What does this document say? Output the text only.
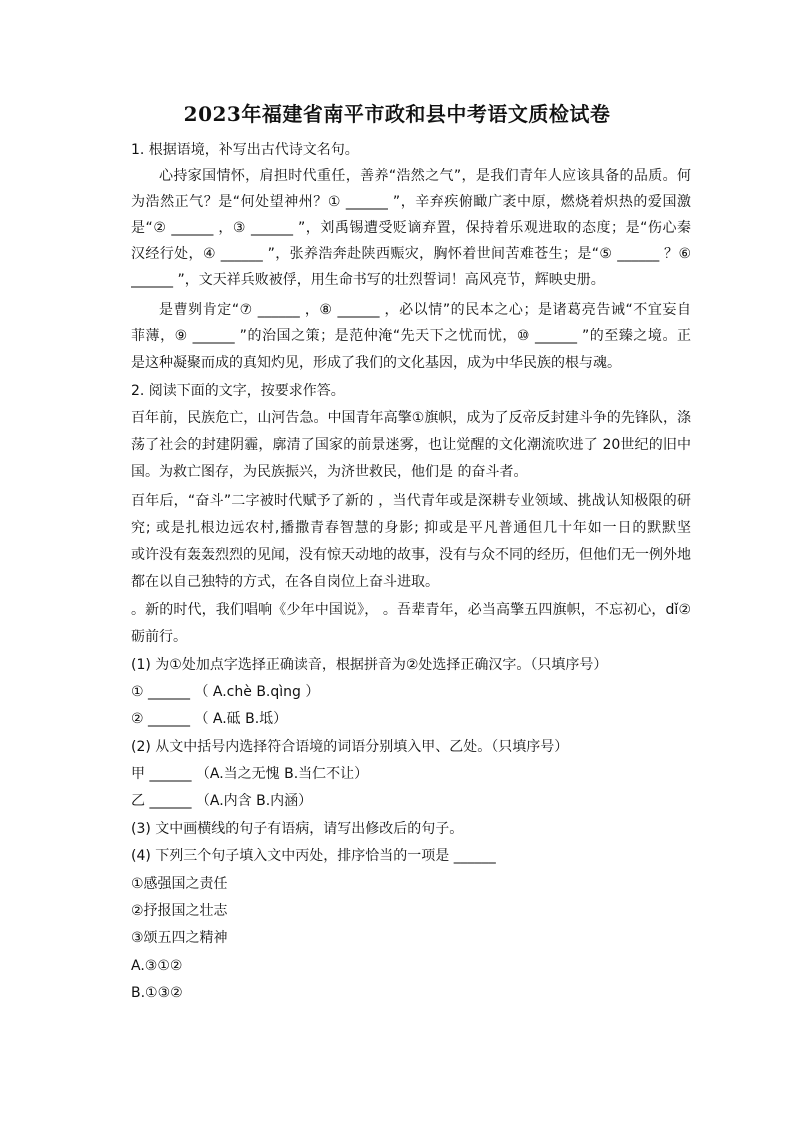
2023年福建省南平市政和县中考语文质检试卷
1. 根据语境，补写出古代诗文名句。
心持家国情怀，肩担时代重任，善养“浩然之气”，是我们青年人应该具备的品质。何
为浩然正气？是“何处望神州？① ______ ”，辛弃疾俯瞰广袤中原，燃烧着炽热的爱国激
是“② ______ ，③ ______ ”，刘禹锡遭受贬谪弃置，保持着乐观进取的态度；是“伤心秦
汉经行处，④ ______ ”，张养浩奔赴陕西赈灾，胸怀着世间苦难苍生；是“⑤ ______ ？⑥
______ ”，文天祥兵败被俘，用生命书写的壮烈誓词！高风亮节，辉映史册。
是曹刿肯定“⑦ ______ ，⑧ ______ ，必以情”的民本之心；是诸葛亮告诫“不宜妄自
菲薄，⑨ ______ ”的治国之策；是范仲淹“先天下之忧而忧，⑩ ______ ”的至臻之境。正
是这种凝聚而成的真知灼见，形成了我们的文化基因，成为中华民族的根与魂。
2. 阅读下面的文字，按要求作答。
百年前，民族危亡，山河告急。中国青年高擎①旗帜，成为了反帝反封建斗争的先锋队，涤
荡了社会的封建阴霾，廓清了国家的前景迷雾，也让觉醒的文化潮流吹进了 20世纪的旧中
国。为救亡图存，为民族振兴，为济世救民，他们是 的奋斗者。
百年后，“奋斗”二字被时代赋予了新的 ，当代青年或是深耕专业领域、挑战认知极限的研
究; 或是扎根边远农村,播撒青春智慧的身影; 抑或是平凡普通但几十年如一日的默默坚
或许没有轰轰烈烈的见闻，没有惊天动地的故事，没有与众不同的经历，但他们无一例外地
都在以自己独特的方式，在各自岗位上奋斗进取。
。新的时代，我们唱响《少年中国说》， 。吾辈青年，必当高擎五四旗帜，不忘初心，dǐ②
砺前行。
(1) 为①处加点字选择正确读音，根据拼音为②处选择正确汉字。（只填序号）
① ______ （ A.chè B.qìng ）
② ______ （ A.砥 B.坻）
(2) 从文中括号内选择符合语境的词语分别填入甲、乙处。（只填序号）
甲 ______ （A.当之无愧 B.当仁不让）
乙 ______ （A.内含 B.内涵）
(3) 文中画横线的句子有语病，请写出修改后的句子。
(4) 下列三个句子填入文中丙处，排序恰当的一项是 ______
①感强国之责任
②抒报国之壮志
③颂五四之精神
A.③①②
B.①③②
